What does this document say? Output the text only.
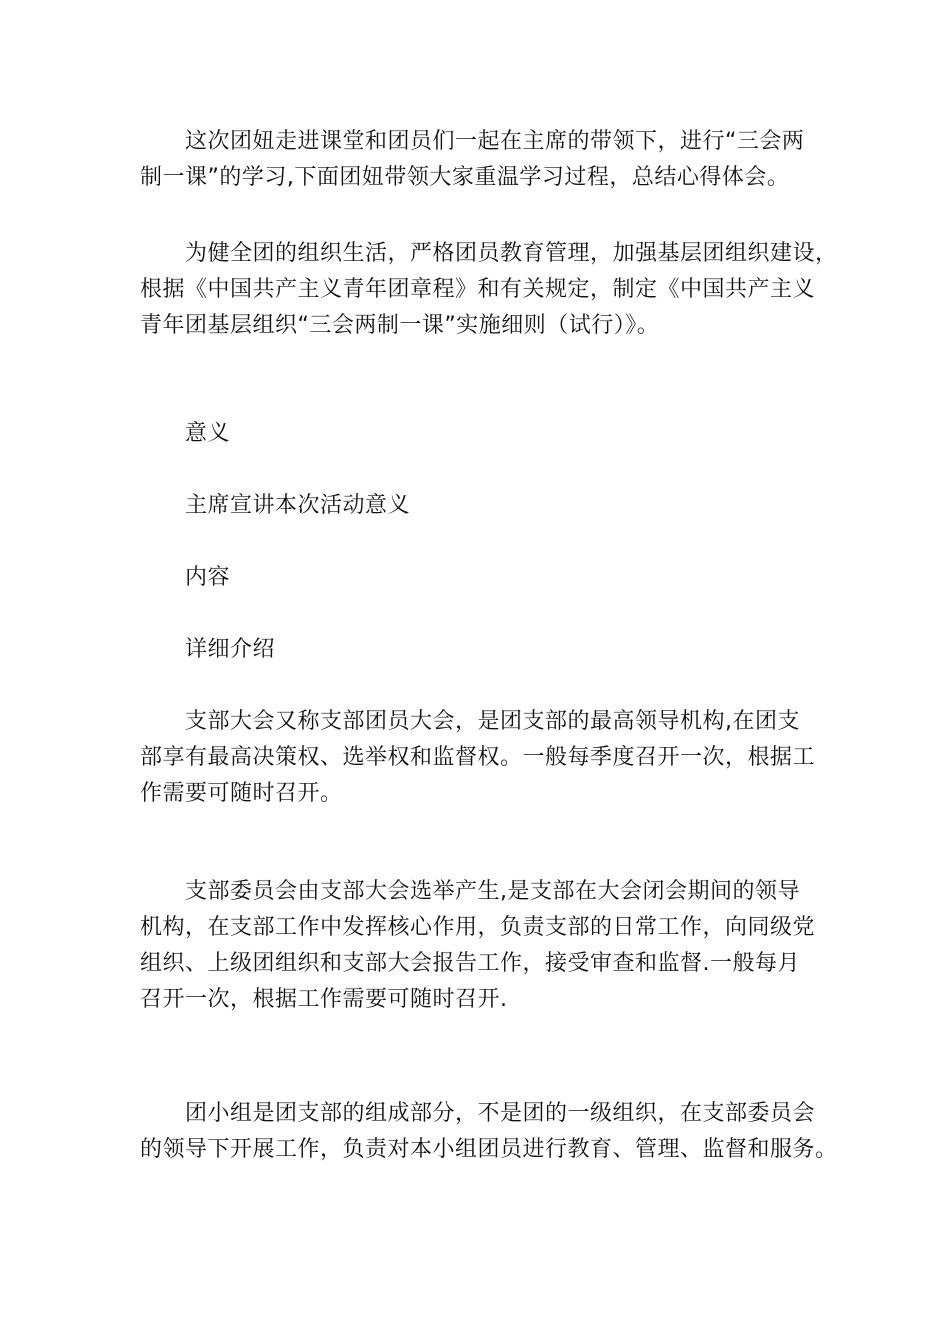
这次团妞走进课堂和团员们一起在主席的带领下，进行“三会两
制一课”的学习,下面团妞带领大家重温学习过程，总结心得体会。

为健全团的组织生活，严格团员教育管理，加强基层团组织建设，
根据《中国共产主义青年团章程》和有关规定，制定《中国共产主义
青年团基层组织“三会两制一课”实施细则（试行）》。

意义

主席宣讲本次活动意义

内容

详细介绍

支部大会又称支部团员大会，是团支部的最高领导机构,在团支
部享有最高决策权、选举权和监督权。一般每季度召开一次，根据工
作需要可随时召开。

支部委员会由支部大会选举产生,是支部在大会闭会期间的领导
机构，在支部工作中发挥核心作用，负责支部的日常工作，向同级党
组织、上级团组织和支部大会报告工作，接受审查和监督.一般每月
召开一次，根据工作需要可随时召开.

团小组是团支部的组成部分，不是团的一级组织，在支部委员会
的领导下开展工作，负责对本小组团员进行教育、管理、监督和服务。
